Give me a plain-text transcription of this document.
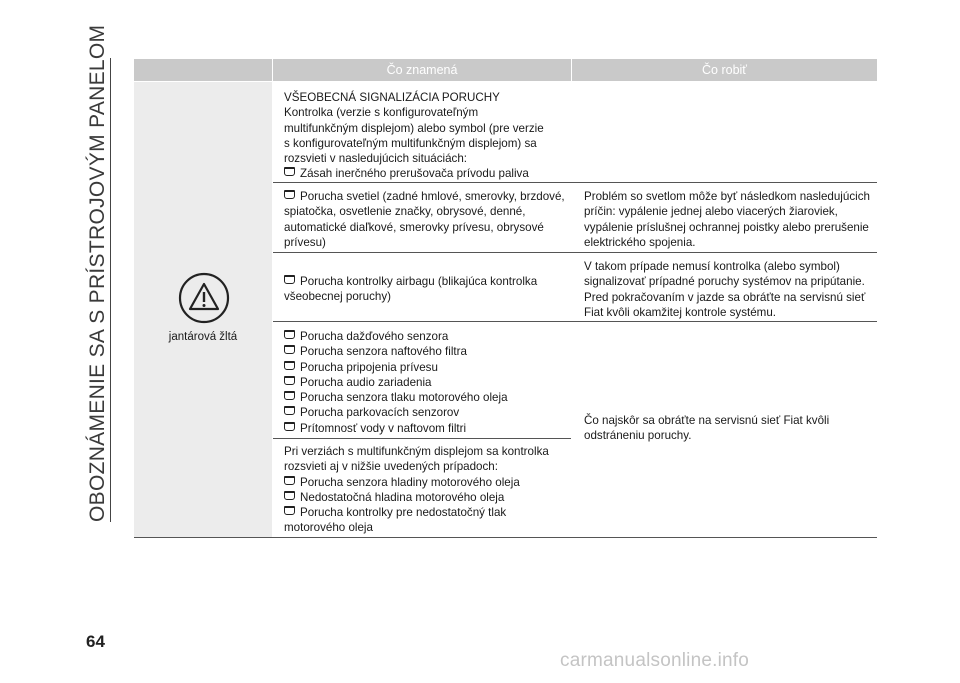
OBOZNÁMENIE SA S PRÍSTROJOVÝM PANELOM
64
carmanualsonline.info
Čo znamená	Čo robiť
jantárová žltá
VŠEOBECNÁ SIGNALIZÁCIA PORUCHY
Kontrolka (verzie s konfigurovateľným
multifunkčným displejom) alebo symbol (pre verzie
s konfigurovateľným multifunkčným displejom) sa
rozsvieti v nasledujúcich situáciách:
Zásah inerčného prerušovača prívodu paliva
Porucha svetiel (zadné hmlové, smerovky, brzdové,
spiatočka, osvetlenie značky, obrysové, denné,
automatické diaľkové, smerovky prívesu, obrysové
prívesu)
Problém so svetlom môže byť následkom nasledujúcich
príčin: vypálenie jednej alebo viacerých žiaroviek,
vypálenie príslušnej ochrannej poistky alebo prerušenie
elektrického spojenia.
Porucha kontrolky airbagu (blikajúca kontrolka
všeobecnej poruchy)
V takom prípade nemusí kontrolka (alebo symbol)
signalizovať prípadné poruchy systémov na pripútanie.
Pred pokračovaním v jazde sa obráťte na servisnú sieť
Fiat kvôli okamžitej kontrole systému.
Porucha dažďového senzora
Porucha senzora naftového filtra
Porucha pripojenia prívesu
Porucha audio zariadenia
Porucha senzora tlaku motorového oleja
Porucha parkovacích senzorov
Prítomnosť vody v naftovom filtri
Čo najskôr sa obráťte na servisnú sieť Fiat kvôli
odstráneniu poruchy.
Pri verziách s multifunkčným displejom sa kontrolka
rozsvieti aj v nižšie uvedených prípadoch:
Porucha senzora hladiny motorového oleja
Nedostatočná hladina motorového oleja
Porucha kontrolky pre nedostatočný tlak
motorového oleja
